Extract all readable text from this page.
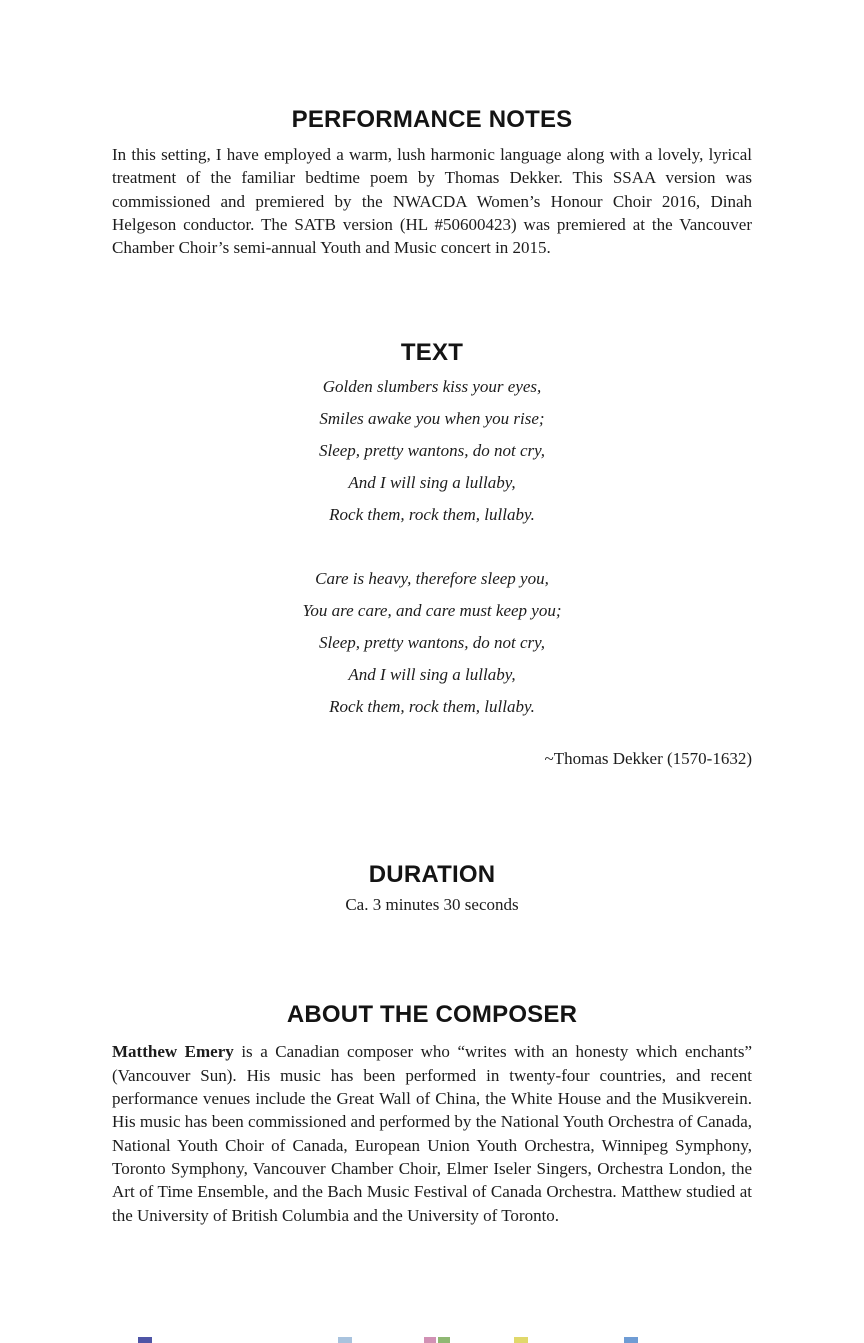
PERFORMANCE NOTES

In this setting, I have employed a warm, lush harmonic language along with a lovely, lyrical treatment of the familiar bedtime poem by Thomas Dekker. This SSAA version was commissioned and premiered by the NWACDA Women’s Honour Choir 2016, Dinah Helgeson conductor. The SATB version (HL #50600423) was premiered at the Vancouver Chamber Choir’s semi-annual Youth and Music concert in 2015.

TEXT
Golden slumbers kiss your eyes,
Smiles awake you when you rise;
Sleep, pretty wantons, do not cry,
And I will sing a lullaby,
Rock them, rock them, lullaby.
Care is heavy, therefore sleep you,
You are care, and care must keep you;
Sleep, pretty wantons, do not cry,
And I will sing a lullaby,
Rock them, rock them, lullaby.
~Thomas Dekker (1570-1632)
DURATION
Ca. 3 minutes 30 seconds
ABOUT THE COMPOSER

Matthew Emery is a Canadian composer who “writes with an honesty which enchants” (Vancouver Sun). His music has been performed in twenty-four countries, and recent performance venues include the Great Wall of China, the White House and the Musikverein. His music has been commissioned and performed by the National Youth Orchestra of Canada, National Youth Choir of Canada, European Union Youth Orchestra, Winnipeg Symphony, Toronto Symphony, Vancouver Chamber Choir, Elmer Iseler Singers, Orchestra London, the Art of Time Ensemble, and the Bach Music Festival of Canada Orchestra. Matthew studied at the University of British Columbia and the University of Toronto.
